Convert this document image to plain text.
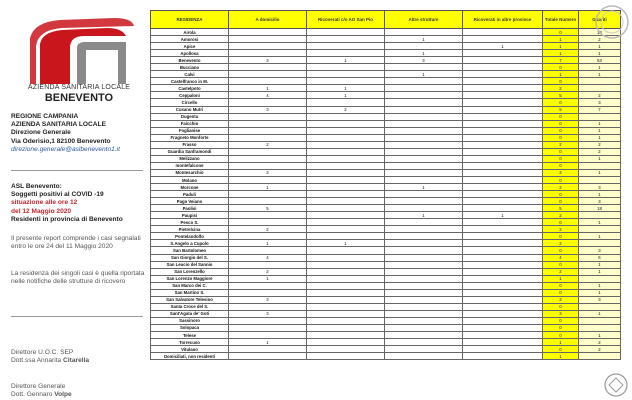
AZIENDA SANITARIA LOCALE
BENEVENTO
REGIONE CAMPANIA
AZIENDA SANITARIA LOCALE
Direzione Generale
Via Oderisio,1 82100 Benevento
direzione.generale@aslbenevento1.it
ASL Benevento:
Soggetti positivi al COVID -19
situazione alle ore 12
del 12 Maggio 2020
Residenti in provincia di Benevento
Il presente report comprende i casi segnalati entro le ore 24 del 11 Maggio 2020
La residenza dei singoli casi è quella riportata nelle notifiche delle strutture di ricovero
Direttore U.O.C. SEP
Dott.ssa Annarita Citarella
Direttore Generale
Dott. Gennaro Volpe
RESIDENZA	A domicilio	Ricoverati c/o AO San Pio	Altre strutture	Ricoverati in altre province	Totale Numero	Guariti
Airola					0	10
Amorosi			1		1	2
Apice				1	1	1
Apollosa			1		1	1
Benevento	3	1	3		7	53
Bucciano					0	1
Calvi			1		1	1
Castelfranco in M.					0	
Castelpoto	1	1			2	
Ceppaloni	4	1			5	2
Circello					0	3
Cusano Mutri	3	2			5	7
Dugenta					0	
Faicchio					0	1
Foglianise					0	1
Fragneto Monforte					0	1
Frasso	2				2	2
Guardia Sanframondi					0	2
Melizzano					0	1
montefalcone					0	
Montesarchio	3				3	1
Molano					0	
Morcone	1		1		2	3
Paduli					0	1
Pago Veiano					0	3
Paolisi	5				5	18
Paupisi			1	1	2	
Pesco S.					0	1
Pietrelcina	2				2	
Pontelandolfo					0	1
S.Angelo a Cupolo	1	1			2	
San Bartolomeo					0	3
San Giorgio del S.	4				4	6
San Leucio del Sannio					0	1
San Lorenzello	2				2	1
San Lorenzo Maggiore	1				1	
San Marco dei C.					0	1
San Martino S.					0	1
San Salvatore Telesino	3				3	3
Santa Croce del S.					0	
Sant'Agata de' Goti	3				3	1
Sassinoro					0	
Solopaca					0	
Telese					0	1
Torrecuso	1				1	2
Vitulano					0	2
Domiciliati, non residenti					1	
